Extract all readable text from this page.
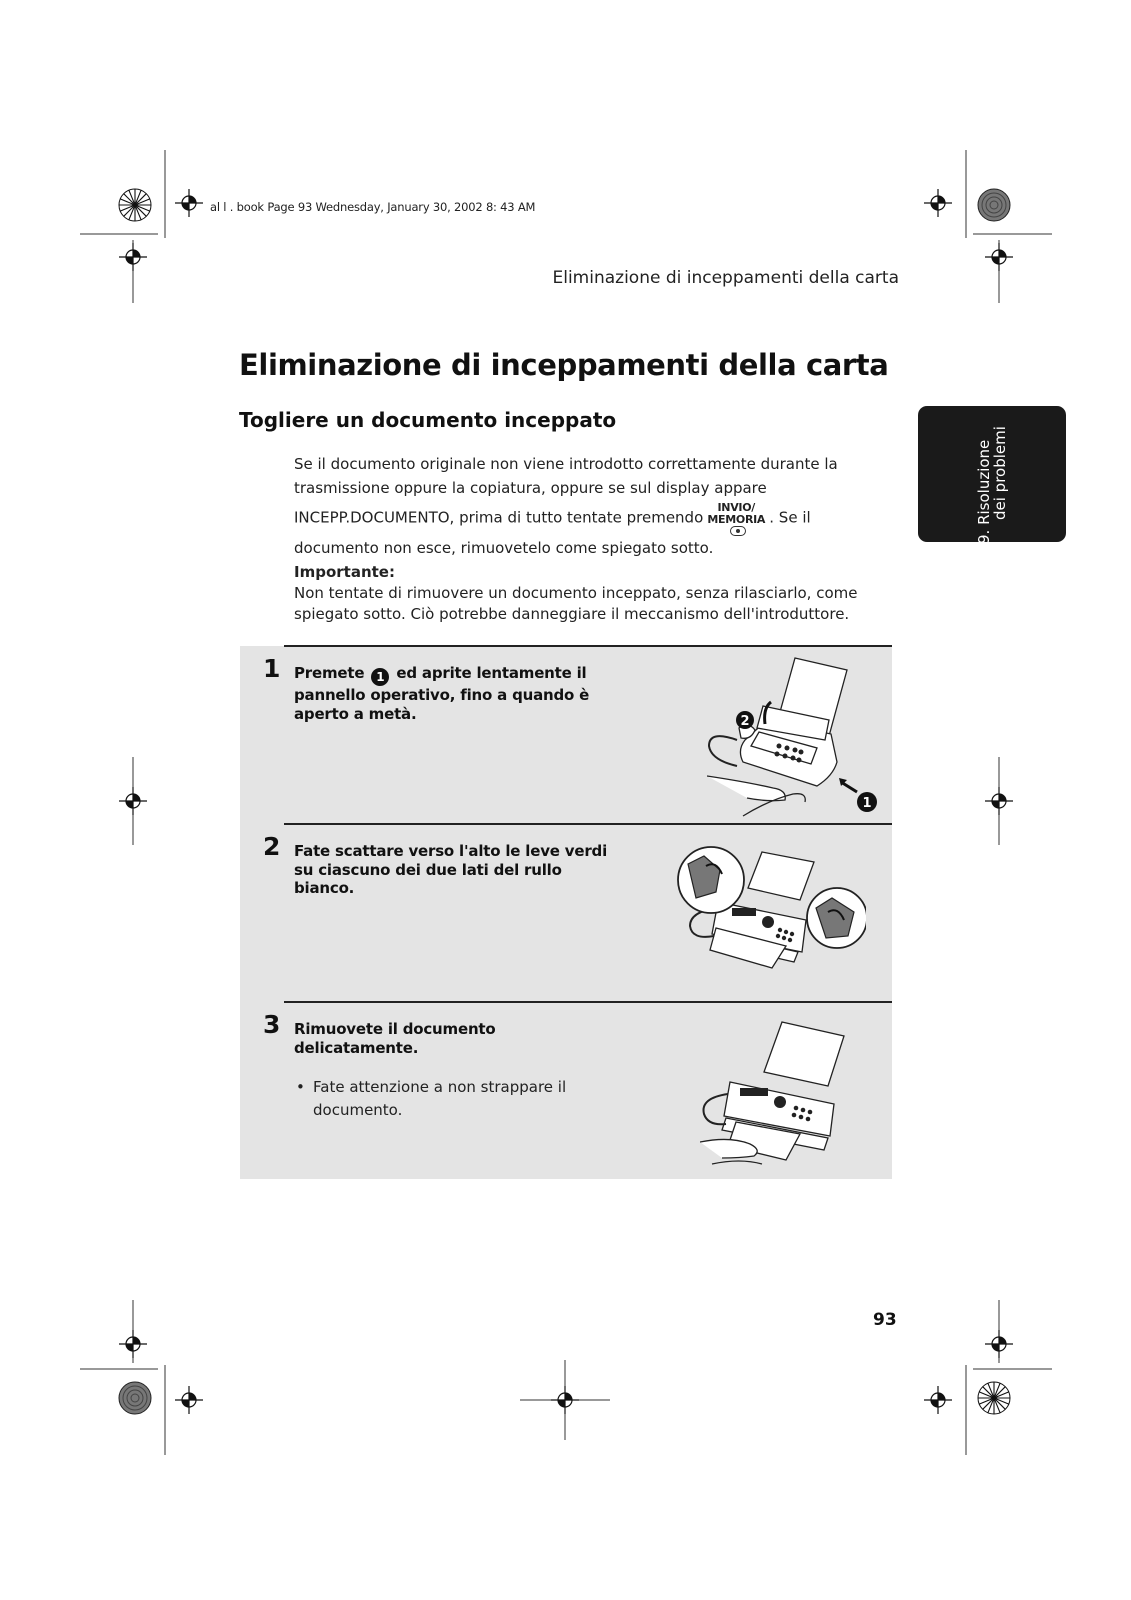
al l . book Page 93 Wednesday, January 30, 2002 8: 43 AM
Eliminazione di inceppamenti della carta
Eliminazione di inceppamenti della carta
Togliere un documento inceppato

Se il documento originale non viene introdotto correttamente durante la

trasmissione oppure la copiatura, oppure se sul display appare

INCEPP.DOCUMENTO, prima di tutto tentate premendo
INVIO/
MEMORIA . Se il

documento non esce, rimuovetelo come spiegato sotto.

Importante:
Non tentate di rimuovere un documento inceppato, senza rilasciarlo, come spiegato sotto. Ciò potrebbe danneggiare il meccanismo dell'introduttore.
9. Risoluzione
dei problemi
1 Premete 1 ed aprite lentamente il pannello operativo, fino a quando è aperto a metà.	2
1
2 Fate scattare verso l'alto le leve verdi su ciascuno dei due lati del rullo bianco.
3 Rimuovete il documento delicatamente.
• Fate attenzione a non strappare il documento.
93
